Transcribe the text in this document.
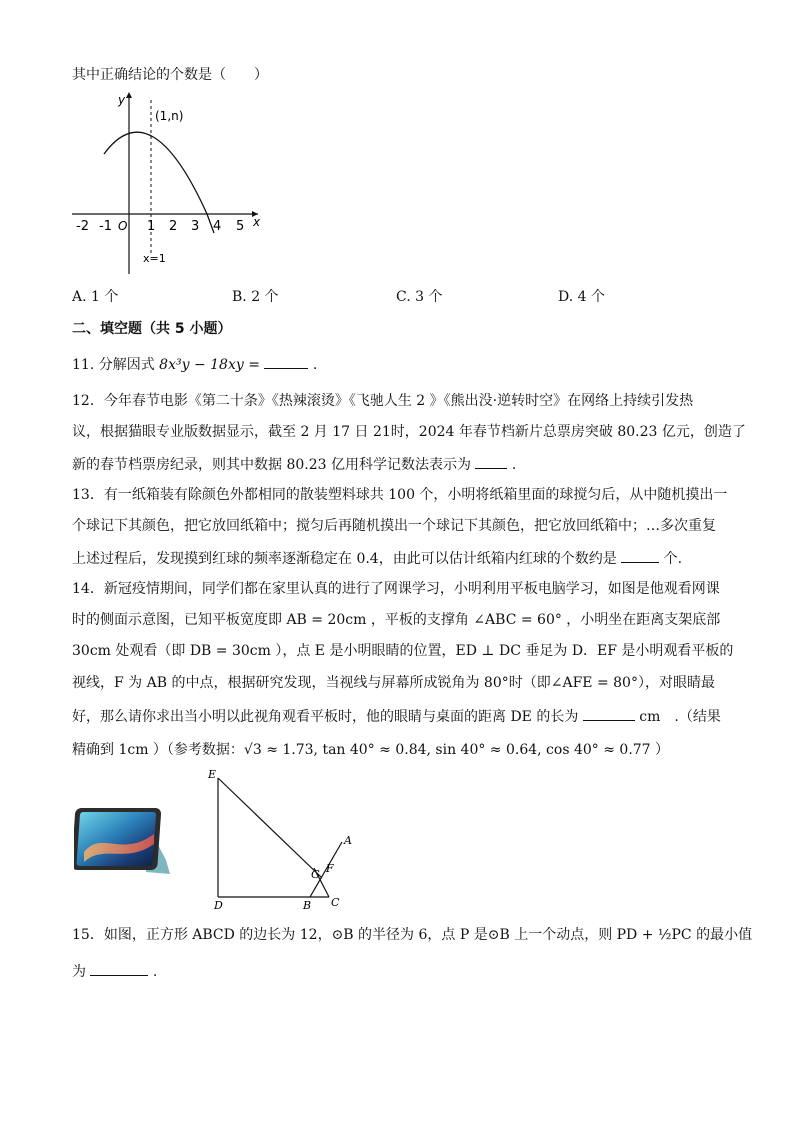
其中正确结论的个数是（　　）
y
x
O
(1,n)
x=1
-2 -1	1 2 3 4 5
A. 1 个	B. 2 个	C. 3 个	D. 4 个
二、填空题（共 5 小题）
11. 分解因式 8x³y − 18xy =	.
12．今年春节电影《第二十条》《热辣滚烫》《飞驰人生 2 》《熊出没·逆转时空》在网络上持续引发热
议，根据猫眼专业版数据显示，截至 2 月 17 日 21时，2024 年春节档新片总票房突破 80.23 亿元，创造了
新的春节档票房纪录，则其中数据 80.23 亿用科学记数法表示为	.
13．有一纸箱装有除颜色外都相同的散装塑料球共 100 个，小明将纸箱里面的球搅匀后，从中随机摸出一
个球记下其颜色，把它放回纸箱中；搅匀后再随机摸出一个球记下其颜色，把它放回纸箱中；…多次重复
上述过程后，发现摸到红球的频率逐渐稳定在 0.4，由此可以估计纸箱内红球的个数约是	个.
14．新冠疫情期间，同学们都在家里认真的进行了网课学习，小明利用平板电脑学习，如图是他观看网课
时的侧面示意图，已知平板宽度即 AB = 20cm ，平板的支撑角 ∠ABC = 60° ，小明坐在距离支架底部
30cm 处观看（即 DB = 30cm ），点 E 是小明眼睛的位置，ED ⊥ DC 垂足为 D．EF 是小明观看平板的
视线，F 为 AB 的中点，根据研究发现，当视线与屏幕所成锐角为 80°时（即∠AFE = 80°），对眼睛最
好，那么请你求出当小明以此视角观看平板时，他的眼睛与桌面的距离 DE 的长为	cm　.（结果
精确到 1cm ）（参考数据：√3 ≈ 1.73, tan 40° ≈ 0.84, sin 40° ≈ 0.64, cos 40° ≈ 0.77 ）
E
D	B C
A
F
G
15．如图，正方形 ABCD 的边长为 12，⊙B 的半径为 6，点 P 是⊙B 上一个动点，则 PD + ½PC 的最小值
为	.
